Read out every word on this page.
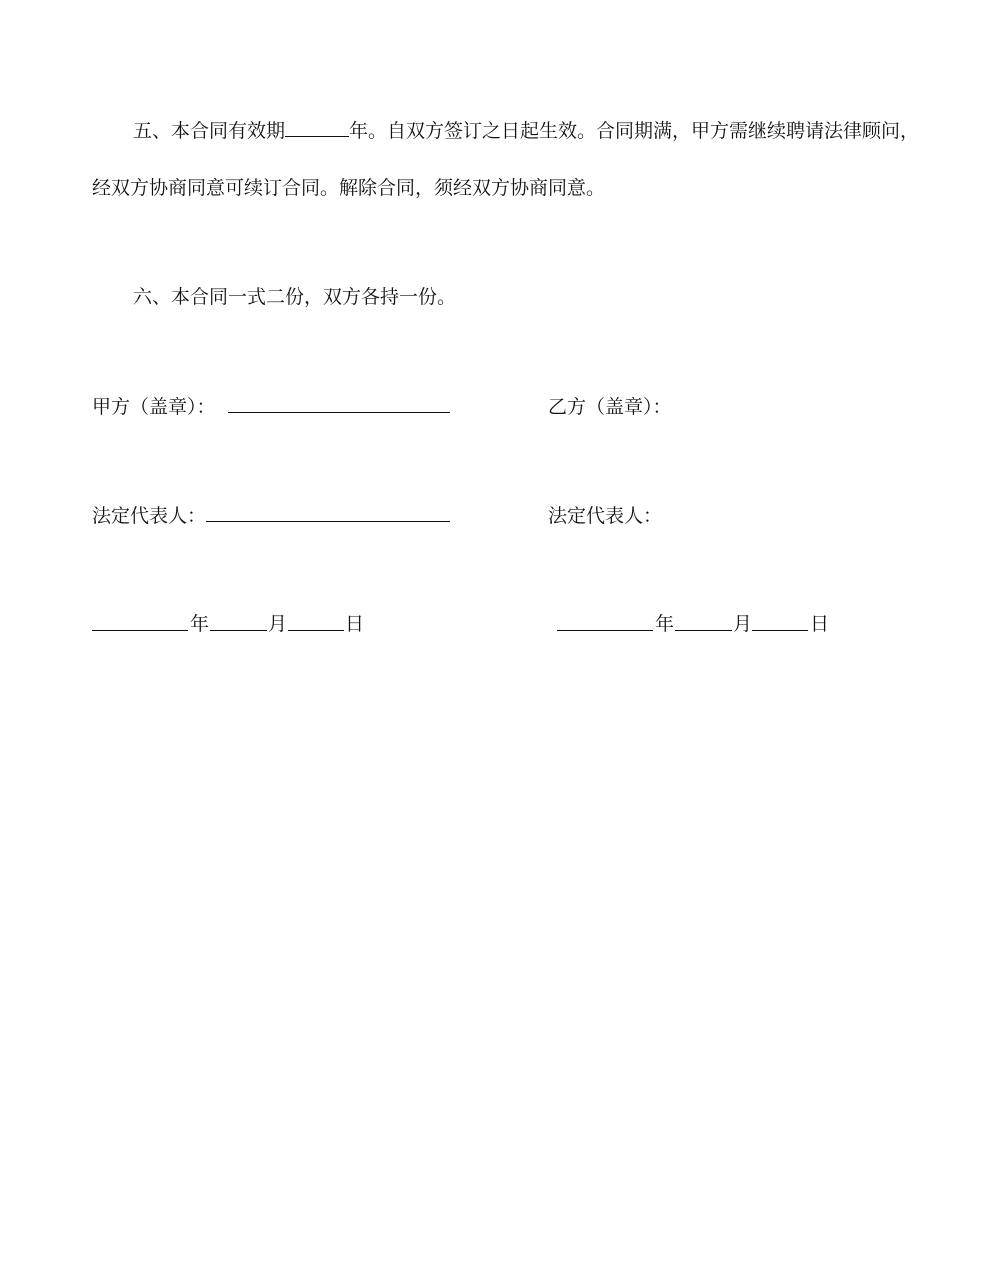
五、本合同有效期	年。自双方签订之日起生效。合同期满，甲方需继续聘请法律顾问，
经双方协商同意可续订合同。解除合同，须经双方协商同意。
六、本合同一式二份，双方各持一份。
甲方（盖章）：	乙方（盖章）：
法定代表人：	法定代表人：
年	月	日	年	月	日
